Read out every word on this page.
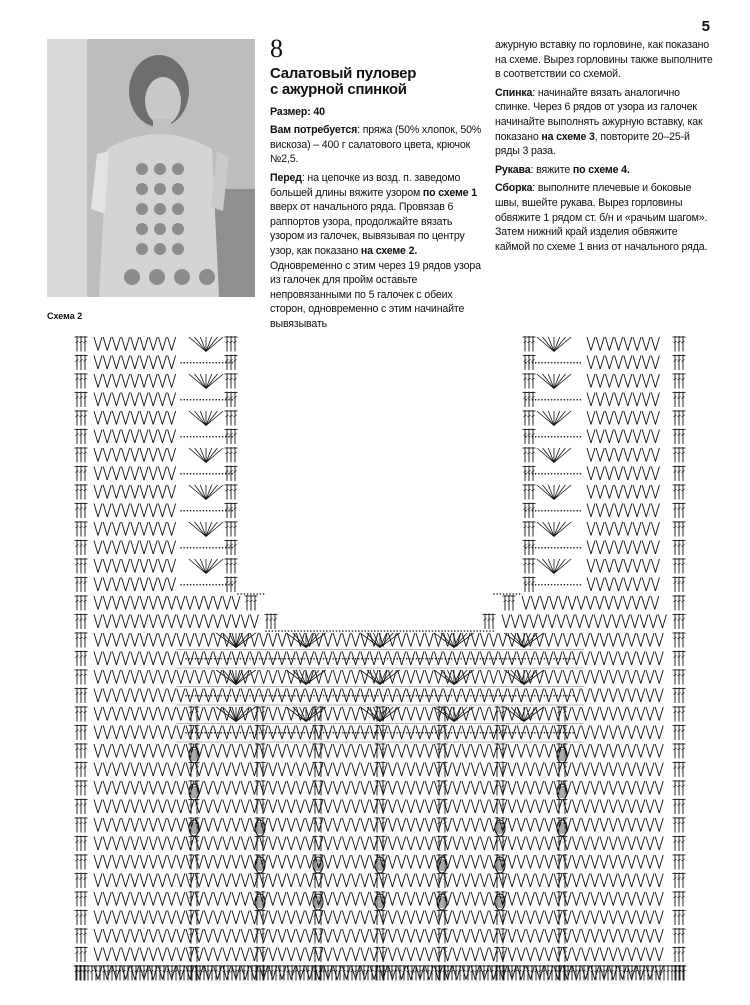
5
8
Салатовый пуловер
с ажурной спинкой
Размер: 40

Вам потребуется: пряжа (50% хлопок, 50% вискоза) – 400 г салатового цвета, крючок №2,5.

Перед: на цепочке из возд. п. заведомо большей длины вяжите узором по схеме 1 вверх от начального ряда. Провязав 6 раппортов узора, продолжайте вязать узором из галочек, вывязывая по центру узор, как показано на схеме 2. Одновременно с этим через 19 рядов узора из галочек для пройм оставьте непровязанными по 5 галочек с обеих сторон, одновременно с этим начинайте вывязывать

ажурную вставку по горловине, как показано на схеме. Вырез горловины также выполните в соответствии со схемой.

Спинка: начинайте вязать аналогично спинке. Через 6 рядов от узора из галочек начинайте выполнять ажурную вставку, как показано на схеме 3, повторите 20–25-й ряды 3 раза.

Рукава: вяжите по схеме 4.

Сборка: выполните плечевые и боковые швы, вшейте рукава. Вырез горловины обвяжите 1 рядом ст. б/н и «рачьим шагом». Затем нижний край изделия обвяжите каймой по схеме 1 вниз от начального ряда.

Схема 2
